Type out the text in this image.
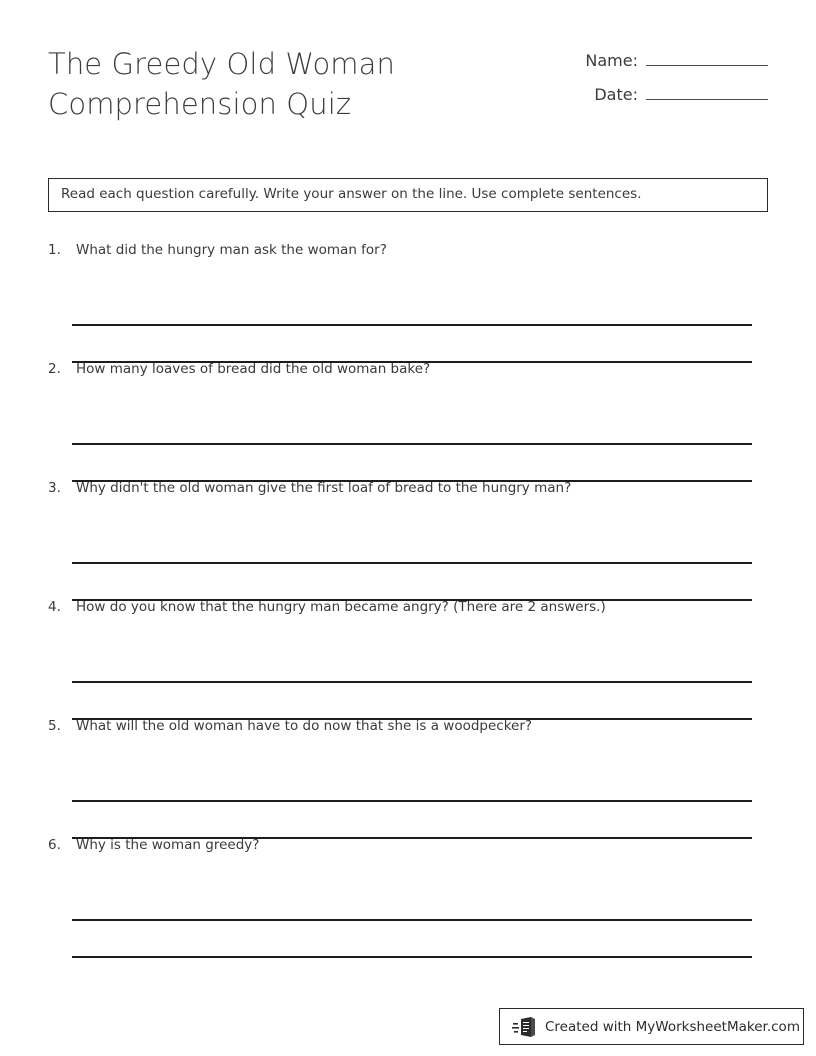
The Greedy Old Woman
Comprehension Quiz
Name:
Date:
Read each question carefully. Write your answer on the line. Use complete sentences.
1.	What did the hungry man ask the woman for?
2.	How many loaves of bread did the old woman bake?
3.	Why didn't the old woman give the first loaf of bread to the hungry man?
4.	How do you know that the hungry man became angry? (There are 2 answers.)
5.	What will the old woman have to do now that she is a woodpecker?
6.	Why is the woman greedy?
Created with MyWorksheetMaker.com
